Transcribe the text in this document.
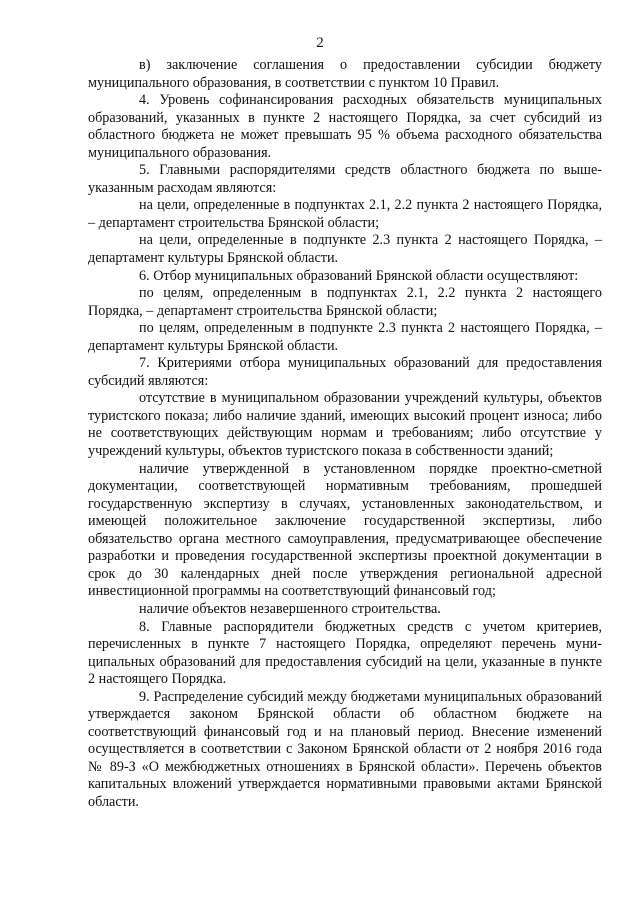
2

в) заключение соглашения о предоставлении субсидии бюджету муниципального образования, в соответствии с пунктом 10 Правил.

4. Уровень софинансирования расходных обязательств муниципальных образований, указанных в пункте 2 настоящего Порядка, за счет субсидий из областного бюджета не может превышать 95 % объема расходного обязательства муниципального образования.

5. Главными распорядителями средств областного бюджета по вышеуказанным расходам являются:

на цели, определенные в подпунктах 2.1, 2.2 пункта 2 настоящего Порядка, – департамент строительства Брянской области;

на цели, определенные в подпункте 2.3 пункта 2 настоящего Порядка, – департамент культуры Брянской области.

6. Отбор муниципальных образований Брянской области осуществляют:

по целям, определенным в подпунктах 2.1, 2.2 пункта 2 настоящего Порядка, – департамент строительства Брянской области;

по целям, определенным в подпункте 2.3 пункта 2 настоящего Порядка, – департамент культуры Брянской области.

7. Критериями отбора муниципальных образований для предоставления субсидий являются:

отсутствие в муниципальном образовании учреждений культуры, объектов туристского показа; либо наличие зданий, имеющих высокий процент износа; либо не соответствующих действующим нормам и требованиям; либо отсутствие у учреждений культуры, объектов туристского показа в собственности зданий;

наличие утвержденной в установленном порядке проектно-сметной документации, соответствующей нормативным требованиям, прошедшей государственную экспертизу в случаях, установленных законодательством, и имеющей положительное заключение государственной экспертизы, либо обязательство органа местного самоуправления, предусматривающее обеспечение разработки и проведения государственной экспертизы проектной документации в срок до 30 календарных дней после утверждения региональной адресной инвестиционной программы на соответствующий финансовый год;

наличие объектов незавершенного строительства.

8. Главные распорядители бюджетных средств с учетом критериев, перечисленных в пункте 7 настоящего Порядка, определяют перечень муниципальных образований для предоставления субсидий на цели, указанные в пункте 2 настоящего Порядка.

9. Распределение субсидий между бюджетами муниципальных образований утверждается законом Брянской области об областном бюджете на соответствующий финансовый год и на плановый период. Внесение изменений осуществляется в соответствии с Законом Брянской области от 2 ноября 2016 года № 89-З «О межбюджетных отношениях в Брянской области». Перечень объектов капитальных вложений утверждается нормативными правовыми актами Брянской области.
